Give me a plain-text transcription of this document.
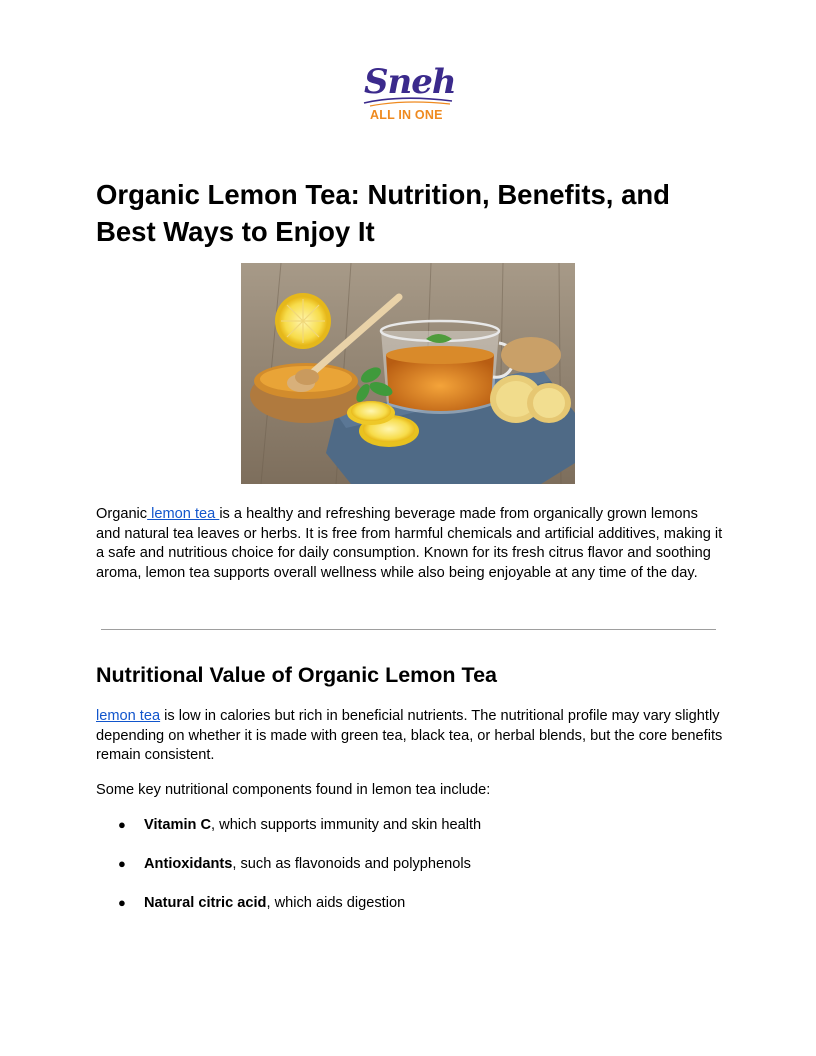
Sneh
ALL IN ONE
Organic Lemon Tea: Nutrition, Benefits, and Best Ways to Enjoy It

Organic lemon tea is a healthy and refreshing beverage made from organically grown lemons and natural tea leaves or herbs. It is free from harmful chemicals and artificial additives, making it a safe and nutritious choice for daily consumption. Known for its fresh citrus flavor and soothing aroma, lemon tea supports overall wellness while also being enjoyable at any time of the day.

Nutritional Value of Organic Lemon Tea

lemon tea is low in calories but rich in beneficial nutrients. The nutritional profile may vary slightly depending on whether it is made with green tea, black tea, or herbal blends, but the core benefits remain consistent.

Some key nutritional components found in lemon tea include:

● Vitamin C, which supports immunity and skin health
● Antioxidants, such as flavonoids and polyphenols
● Natural citric acid, which aids digestion
